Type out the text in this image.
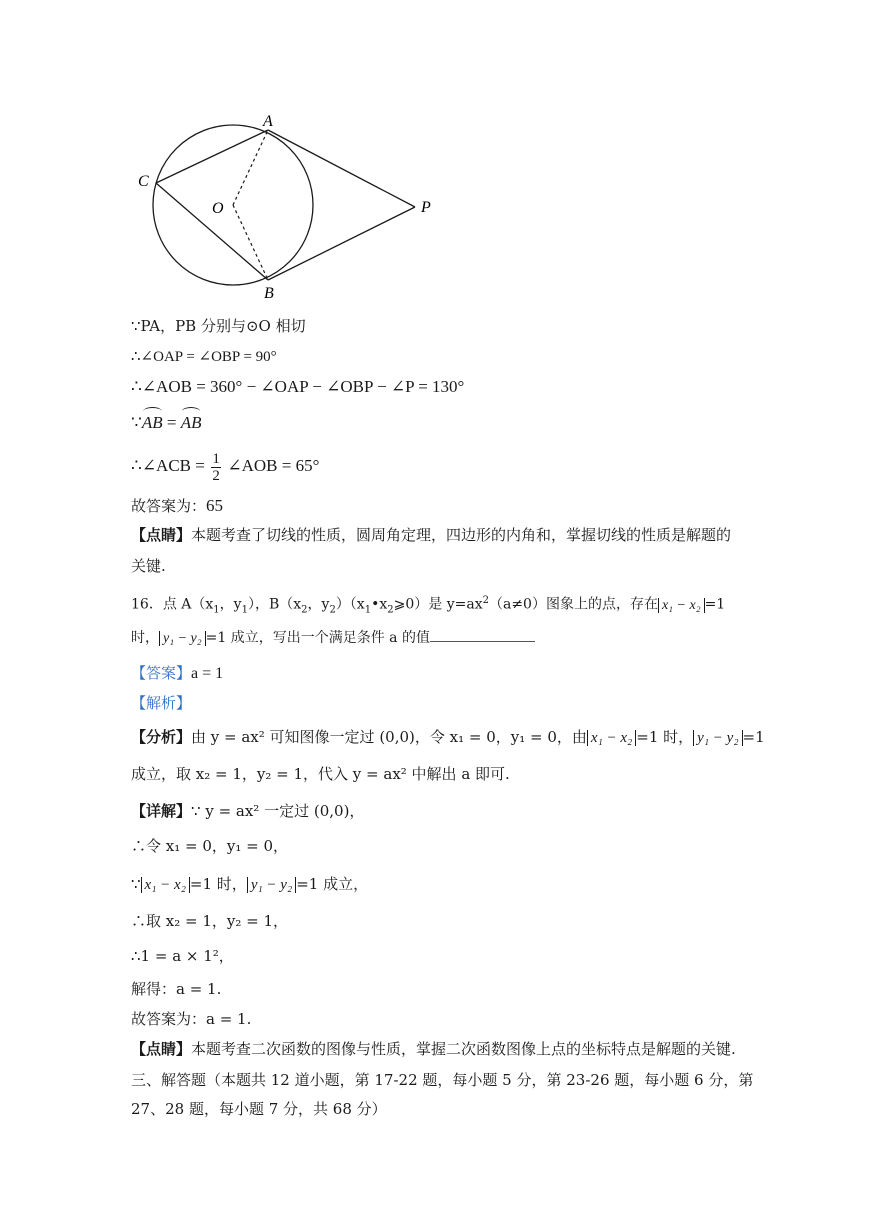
A
B
C
O	P
∵PA，PB 分别与⊙O 相切
∴∠OAP = ∠OBP = 90°
∴∠AOB = 360° − ∠OAP − ∠OBP − ∠P = 130°
∵AB = AB
∴∠ACB = $\frac{1}{2}$ ∠AOB = 65°
故答案为：65
【点睛】本题考查了切线的性质，圆周角定理，四边形的内角和，掌握切线的性质是解题的
关键.
16．点 $A(x_1$，$y_1$），$B(x_2$，$y_2)(x_1•x_2⩾0)$是 $y=ax^2(a\ne 0)$图象上的点，存在 x₁ − x₂ =1
时， y₁ − y₂ =1 成立，写出一个满足条件 a 的值
【答案】a = 1
【解析】
【分析】由 y = ax² 可知图像一定过 (0,0)，令 x₁ = 0，y₁ = 0，由 x₁ − x₂ =1 时， y₁ − y₂ =1
成立，取 x₂ = 1，y₂ = 1，代入 y = ax² 中解出 a 即可.
【详解】∵ y = ax² 一定过 (0,0)，
∴令 x₁ = 0，y₁ = 0，
∵ x₁ − x₂ =1 时， y₁ − y₂ =1 成立，
∴取 x₂ = 1，y₂ = 1，
∴1 = a × 1²，
解得：a = 1.
故答案为：a = 1.
【点睛】本题考查二次函数的图像与性质，掌握二次函数图像上点的坐标特点是解题的关键.
三、解答题（本题共 12 道小题，第 17-22 题，每小题 5 分，第 23-26 题，每小题 6 分，第
27、28 题，每小题 7 分，共 68 分）
